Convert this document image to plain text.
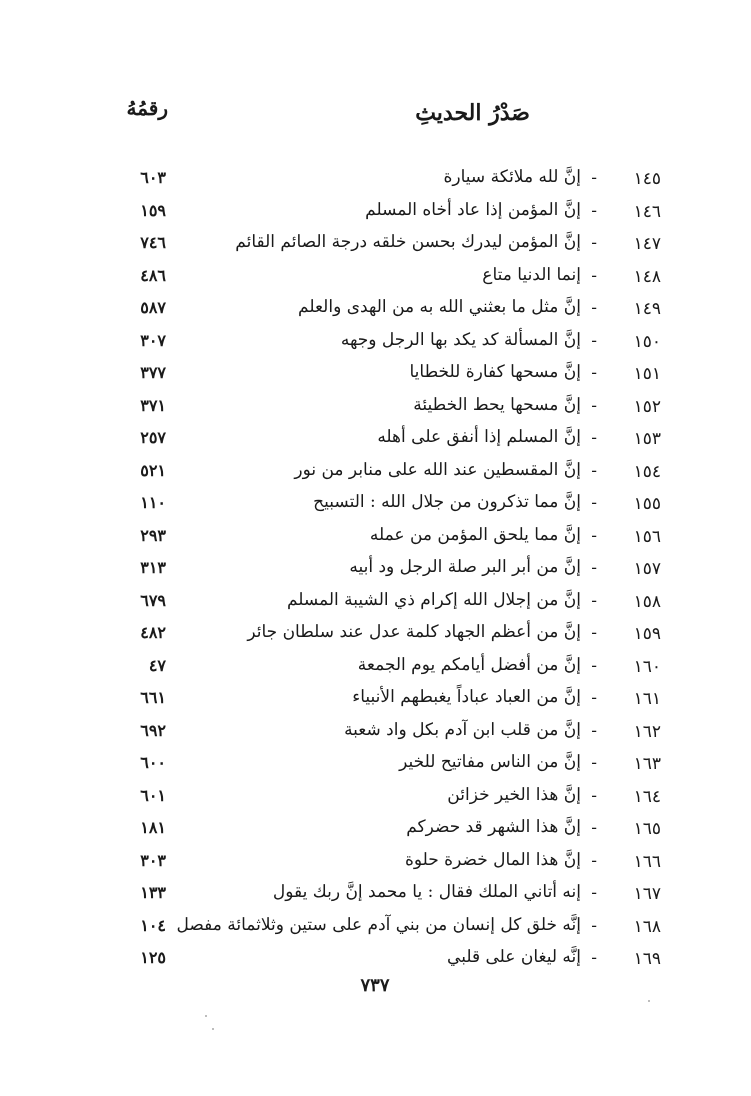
صَدْرُ الحديثِ
رقمُهُ
١٤٥
-
إنَّ لله ملائكة سيارة
٦٠٣
١٤٦
-
إنَّ المؤمن إذا عاد أخاه المسلم
١٥٩
١٤٧
-
إنَّ المؤمن ليدرك بحسن خلقه درجة الصائم القائم
٧٤٦
١٤٨
-
إنما الدنيا متاع
٤٨٦
١٤٩
-
إنَّ مثل ما بعثني الله به من الهدى والعلم
٥٨٧
١٥٠
-
إنَّ المسألة كد يكد بها الرجل وجهه
٣٠٧
١٥١
-
إنَّ مسحها كفارة للخطايا
٣٧٧
١٥٢
-
إنَّ مسحها يحط الخطيئة
٣٧١
١٥٣
-
إنَّ المسلم إذا أنفق على أهله
٢٥٧
١٥٤
-
إنَّ المقسطين عند الله على منابر من نور
٥٢١
١٥٥
-
إنَّ مما تذكرون من جلال الله : التسبيح
١١٠
١٥٦
-
إنَّ مما يلحق المؤمن من عمله
٢٩٣
١٥٧
-
إنَّ من أبر البر صلة الرجل ود أبيه
٣١٣
١٥٨
-
إنَّ من إجلال الله إكرام ذي الشيبة المسلم
٦٧٩
١٥٩
-
إنَّ من أعظم الجهاد كلمة عدل عند سلطان جائر
٤٨٢
١٦٠
-
إنَّ من أفضل أيامكم يوم الجمعة
٤٧
١٦١
-
إنَّ من العباد عباداً يغبطهم الأنبياء
٦٦١
١٦٢
-
إنَّ من قلب ابن آدم بكل واد شعبة
٦٩٢
١٦٣
-
إنَّ من الناس مفاتيح للخير
٦٠٠
١٦٤
-
إنَّ هذا الخير خزائن
٦٠١
١٦٥
-
إنَّ هذا الشهر قد حضركم
١٨١
١٦٦
-
إنَّ هذا المال خضرة حلوة
٣٠٣
١٦٧
-
إنه أتاني الملك فقال : يا محمد إنَّ ربك يقول
١٣٣
١٦٨
-
إنَّه خلق كل إنسان من بني آدم على ستين وثلاثمائة مفصل
١٠٤
١٦٩
-
إنَّه ليغان على قلبي
١٢٥
٧٣٧
